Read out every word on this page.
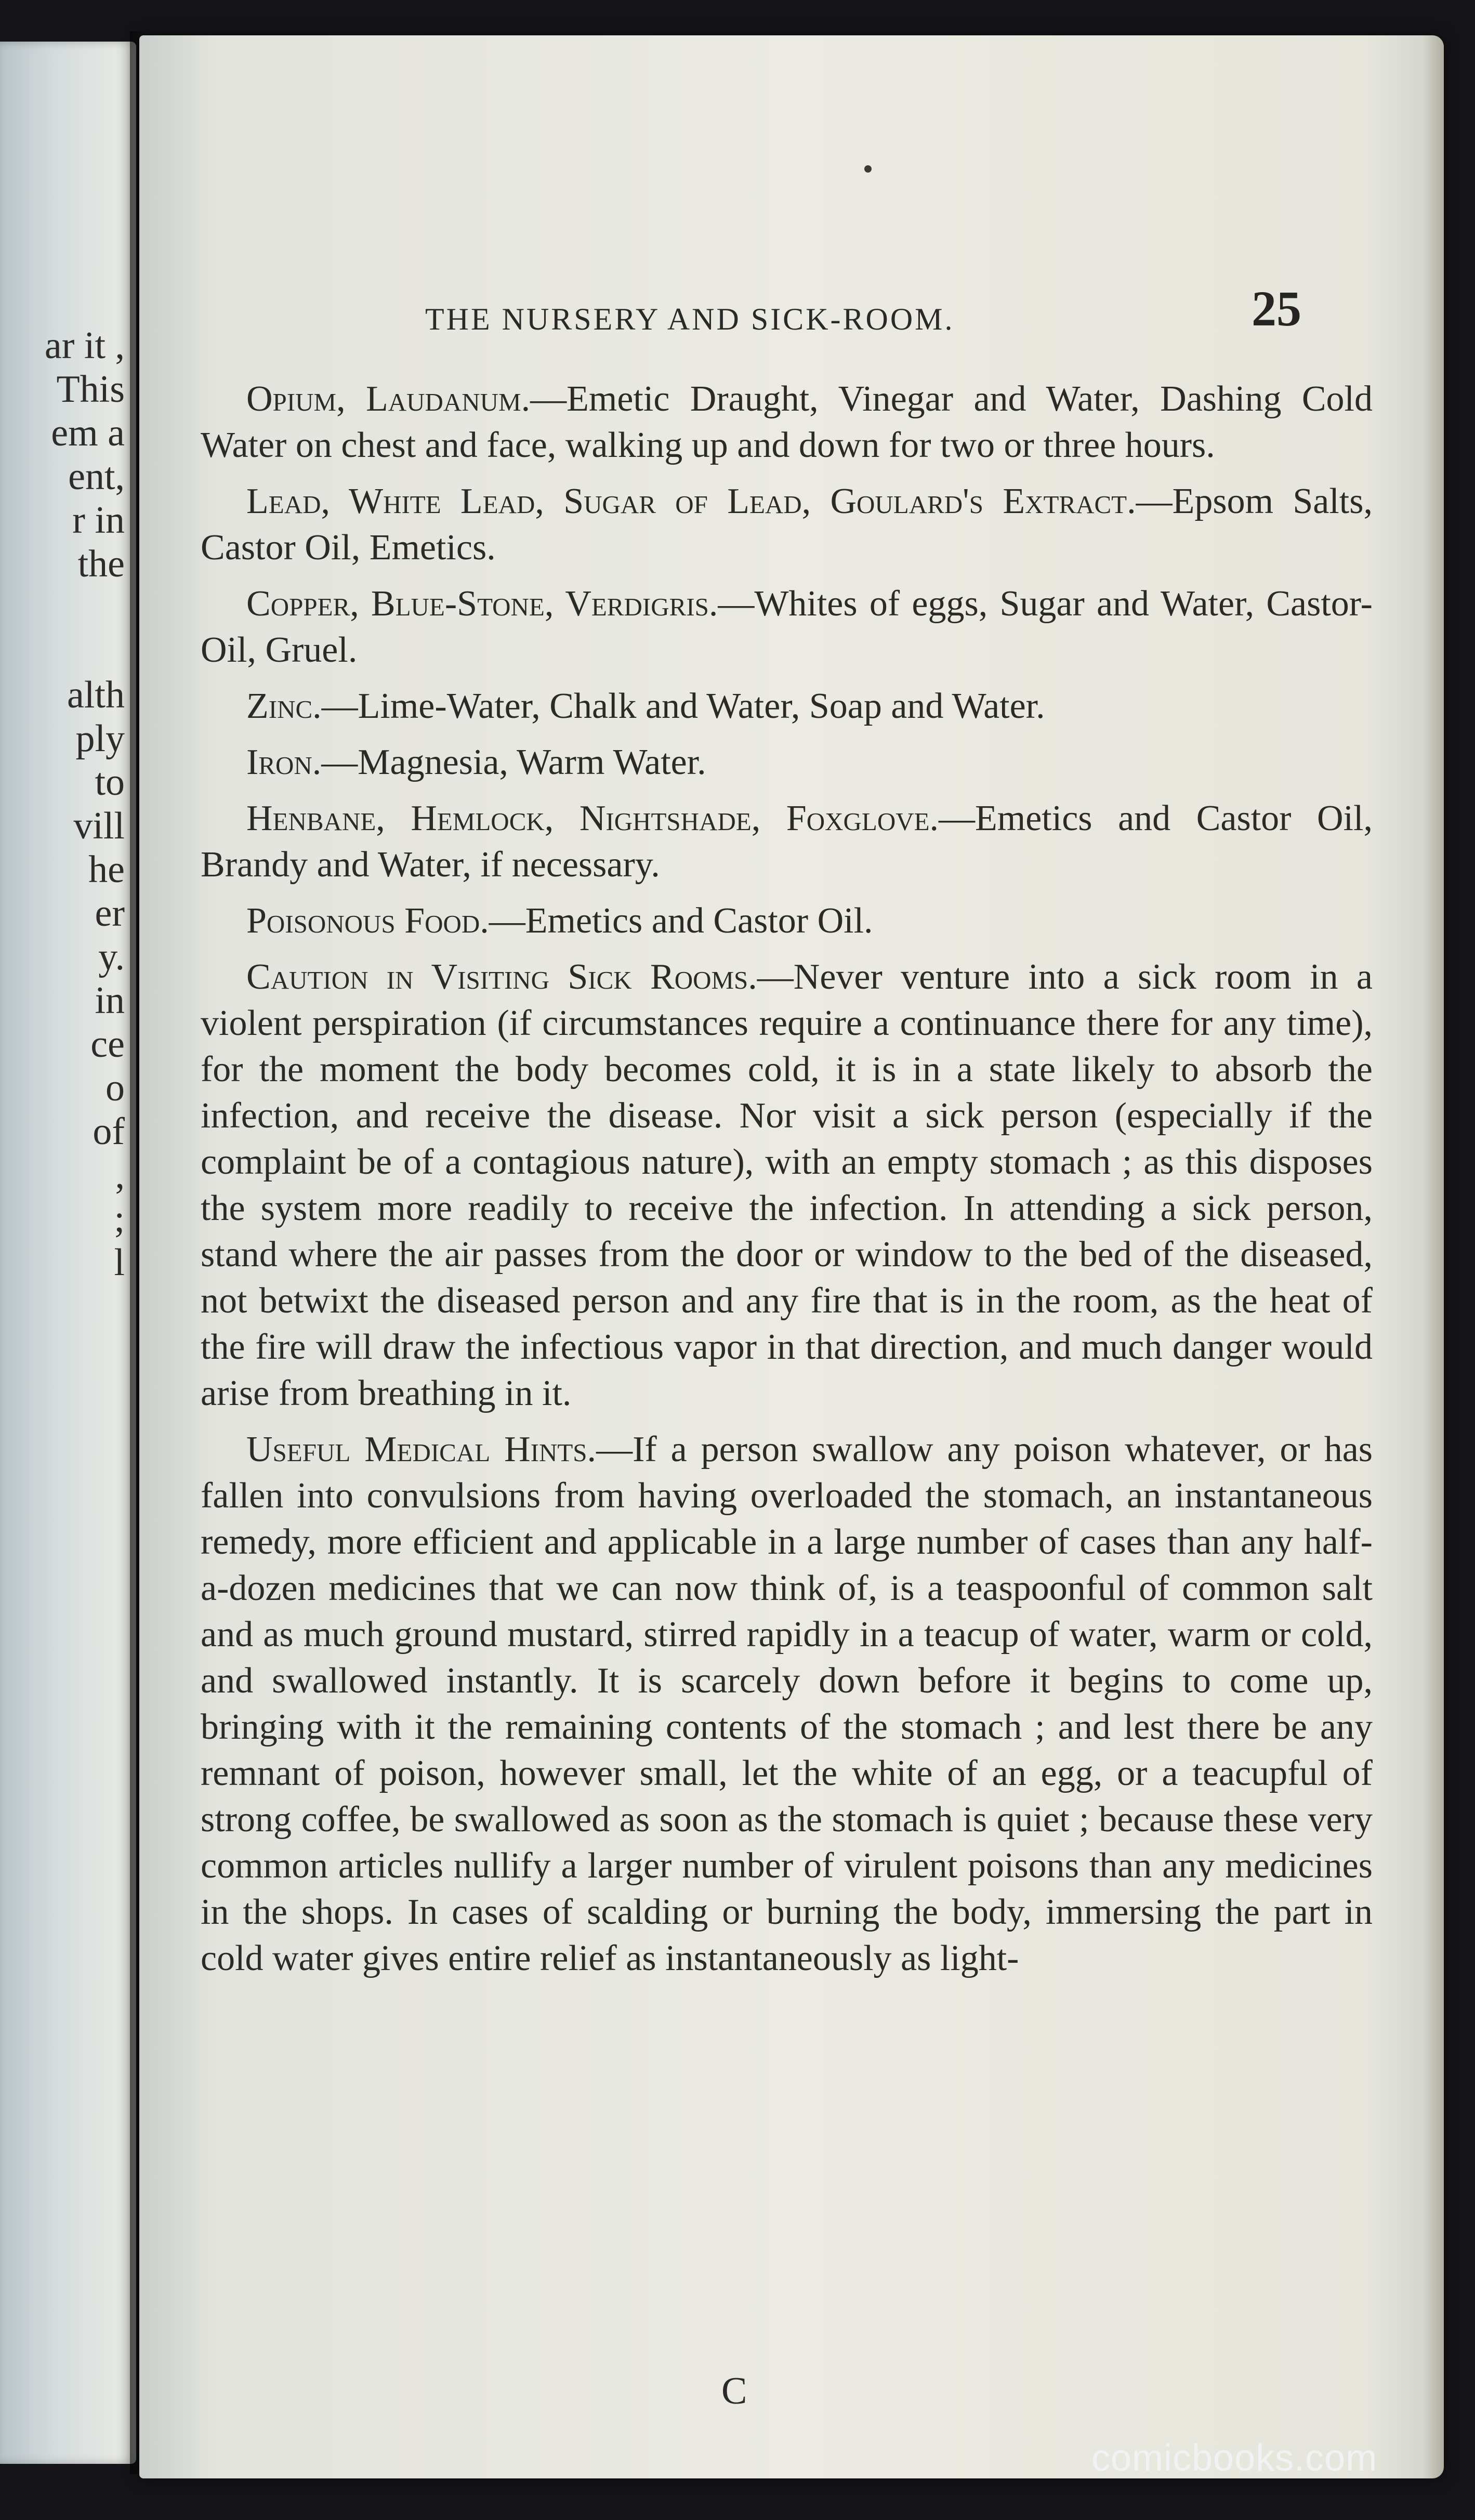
ar it ,
This
em a
ent,
r in
the
alth
ply
to
vill
he
er
y.
in
ce
o
of
,
;
l
THE NURSERY AND SICK-ROOM.	25

Opium, Laudanum.—Emetic Draught, Vinegar and Water, Dashing Cold Water on chest and face, walking up and down for two or three hours.

Lead, White Lead, Sugar of Lead, Goulard's Extract.—Epsom Salts, Castor Oil, Emetics.

Copper, Blue-Stone, Verdigris.—Whites of eggs, Sugar and Water, Castor-Oil, Gruel.

Zinc.—Lime-Water, Chalk and Water, Soap and Water.

Iron.—Magnesia, Warm Water.

Henbane, Hemlock, Nightshade, Foxglove.—Emetics and Castor Oil, Brandy and Water, if necessary.

Poisonous Food.—Emetics and Castor Oil.

Caution in Visiting Sick Rooms.—Never venture into a sick room in a violent perspiration (if circumstances require a continuance there for any time), for the moment the body becomes cold, it is in a state likely to absorb the infection, and receive the disease. Nor visit a sick person (especially if the complaint be of a contagious nature), with an empty stomach ; as this disposes the system more readily to receive the infection. In attending a sick person, stand where the air passes from the door or window to the bed of the diseased, not betwixt the diseased person and any fire that is in the room, as the heat of the fire will draw the infectious vapor in that direction, and much danger would arise from breathing in it.

Useful Medical Hints.—If a person swallow any poison whatever, or has fallen into convulsions from having overloaded the stomach, an instantaneous remedy, more efficient and applicable in a large number of cases than any half-a-dozen medicines that we can now think of, is a teaspoonful of common salt and as much ground mustard, stirred rapidly in a teacup of water, warm or cold, and swallowed instantly. It is scarcely down before it begins to come up, bringing with it the remaining contents of the stomach ; and lest there be any remnant of poison, however small, let the white of an egg, or a teacupful of strong coffee, be swallowed as soon as the stomach is quiet ; because these very common articles nullify a larger number of virulent poisons than any medicines in the shops. In cases of scalding or burning the body, immersing the part in cold water gives entire relief as instantaneously as light-

C
comicbooks.com
